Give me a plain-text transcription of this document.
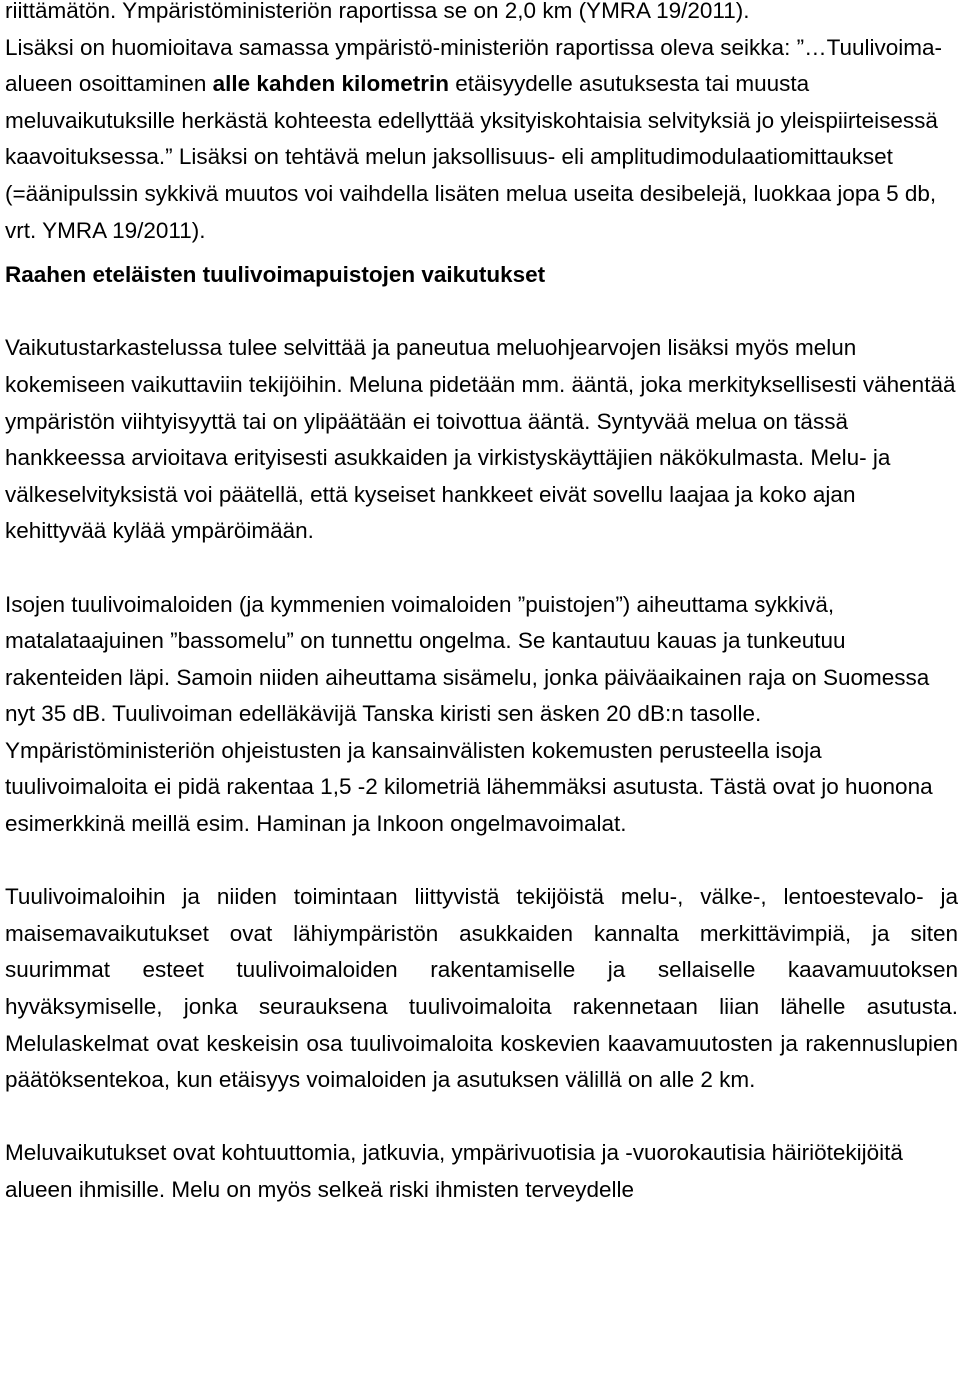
riittämätön. Ympäristöministeriön raportissa se on 2,0 km (YMRA 19/2011).
Lisäksi on huomioitava samassa ympäristö-ministeriön raportissa oleva seikka: ”…Tuulivoima-alueen osoittaminen alle kahden kilometrin etäisyydelle asutuksesta tai muusta meluvaikutuksille herkästä kohteesta edellyttää yksityiskohtaisia selvityksiä jo yleispiirteisessä kaavoituksessa.” Lisäksi on tehtävä melun jaksollisuus- eli amplitudimodulaatiomittaukset (=äänipulssin sykkivä muutos voi vaihdella lisäten melua useita desibelejä, luokkaa jopa 5 db, vrt. YMRA 19/2011).

Raahen eteläisten tuulivoimapuistojen vaikutukset

Vaikutustarkastelussa tulee selvittää ja paneutua meluohjearvojen lisäksi myös melun kokemiseen vaikuttaviin tekijöihin. Meluna pidetään mm. ääntä, joka merkityksellisesti vähentää ympäristön viihtyisyyttä tai on ylipäätään ei toivottua ääntä. Syntyvää melua on tässä hankkeessa arvioitava erityisesti asukkaiden ja virkistyskäyttäjien näkökulmasta. Melu- ja välkeselvityksistä voi päätellä, että kyseiset hankkeet eivät sovellu laajaa ja koko ajan kehittyvää kylää ympäröimään.

Isojen tuulivoimaloiden (ja kymmenien voimaloiden ”puistojen”) aiheuttama sykkivä, matalataajuinen ”bassomelu” on tunnettu ongelma. Se kantautuu kauas ja tunkeutuu rakenteiden läpi. Samoin niiden aiheuttama sisämelu, jonka päiväaikainen raja on Suomessa nyt 35 dB. Tuulivoiman edelläkävijä Tanska kiristi sen äsken 20 dB:n tasolle. Ympäristöministeriön ohjeistusten ja kansainvälisten kokemusten perusteella isoja tuulivoimaloita ei pidä rakentaa 1,5 -2 kilometriä lähemmäksi asutusta. Tästä ovat jo huonona esimerkkinä meillä esim. Haminan ja Inkoon ongelmavoimalat.

Tuulivoimaloihin ja niiden toimintaan liittyvistä tekijöistä melu-, välke-, lentoestevalo- ja maisemavaikutukset ovat lähiympäristön asukkaiden kannalta merkittävimpiä, ja siten suurimmat esteet tuulivoimaloiden rakentamiselle ja sellaiselle kaavamuutoksen hyväksymiselle, jonka seurauksena tuulivoimaloita rakennetaan liian lähelle asutusta. Melulaskelmat ovat keskeisin osa tuulivoimaloita koskevien kaavamuutosten ja rakennuslupien päätöksentekoa, kun etäisyys voimaloiden ja asutuksen välillä on alle 2 km.

Meluvaikutukset ovat kohtuuttomia, jatkuvia, ympärivuotisia ja -vuorokautisia häiriötekijöitä alueen ihmisille. Melu on myös selkeä riski ihmisten terveydelle
